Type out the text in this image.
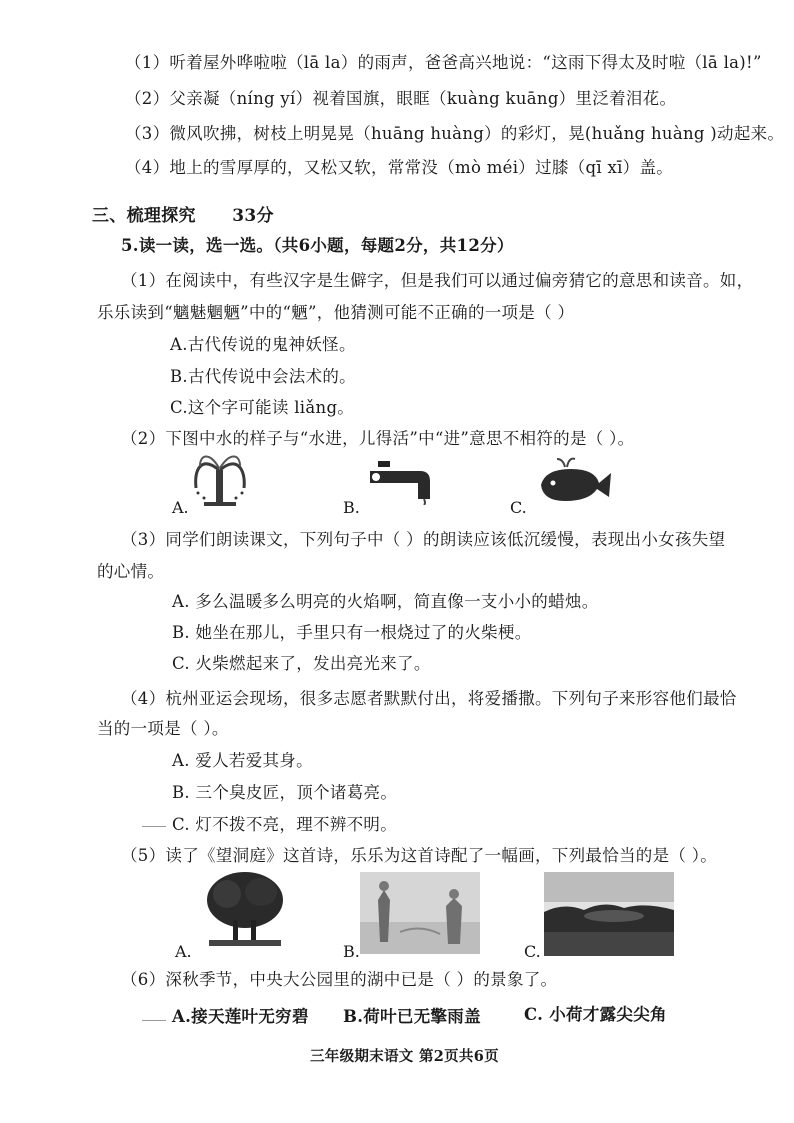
（1）听着屋外哗啦啦（lā la）的雨声，爸爸高兴地说：“这雨下得太及时啦（lā la)!”
（2）父亲凝（níng yí）视着国旗，眼眶（kuàng kuāng）里泛着泪花。
（3）微风吹拂，树枝上明晃晃（huāng huàng）的彩灯，晃(huǎng huàng )动起来。
（4）地上的雪厚厚的，又松又软，常常没（mò méi）过膝（qī xī）盖。
三、梳理探究 33分
5.读一读，选一选。（共6小题，每题2分，共12分）
（1）在阅读中，有些汉字是生僻字，但是我们可以通过偏旁猜它的意思和读音。如，
乐乐读到“魑魅魍魉”中的“魉”，他猜测可能不正确的一项是（ ）
A.古代传说的鬼神妖怪。
B.古代传说中会法术的。
C.这个字可能读 liǎng。
（2）下图中水的样子与“水进，儿得活”中“进”意思不相符的是（ ）。
A.	B.	C.
（3）同学们朗读课文，下列句子中（ ）的朗读应该低沉缓慢，表现出小女孩失望
的心情。
A. 多么温暖多么明亮的火焰啊，简直像一支小小的蜡烛。
B. 她坐在那儿，手里只有一根烧过了的火柴梗。
C. 火柴燃起来了，发出亮光来了。
（4）杭州亚运会现场，很多志愿者默默付出，将爱播撒。下列句子来形容他们最恰
当的一项是（ ）。
A. 爱人若爱其身。
B. 三个臭皮匠，顶个诸葛亮。
C. 灯不拨不亮，理不辨不明。
（5）读了《望洞庭》这首诗，乐乐为这首诗配了一幅画，下列最恰当的是（ ）。
A.	B.	C.
（6）深秋季节，中央大公园里的湖中已是（ ）的景象了。
A.接天莲叶无穷碧 B.荷叶已无擎雨盖	C. 小荷才露尖尖角
三年级期末语文 第2页共6页
